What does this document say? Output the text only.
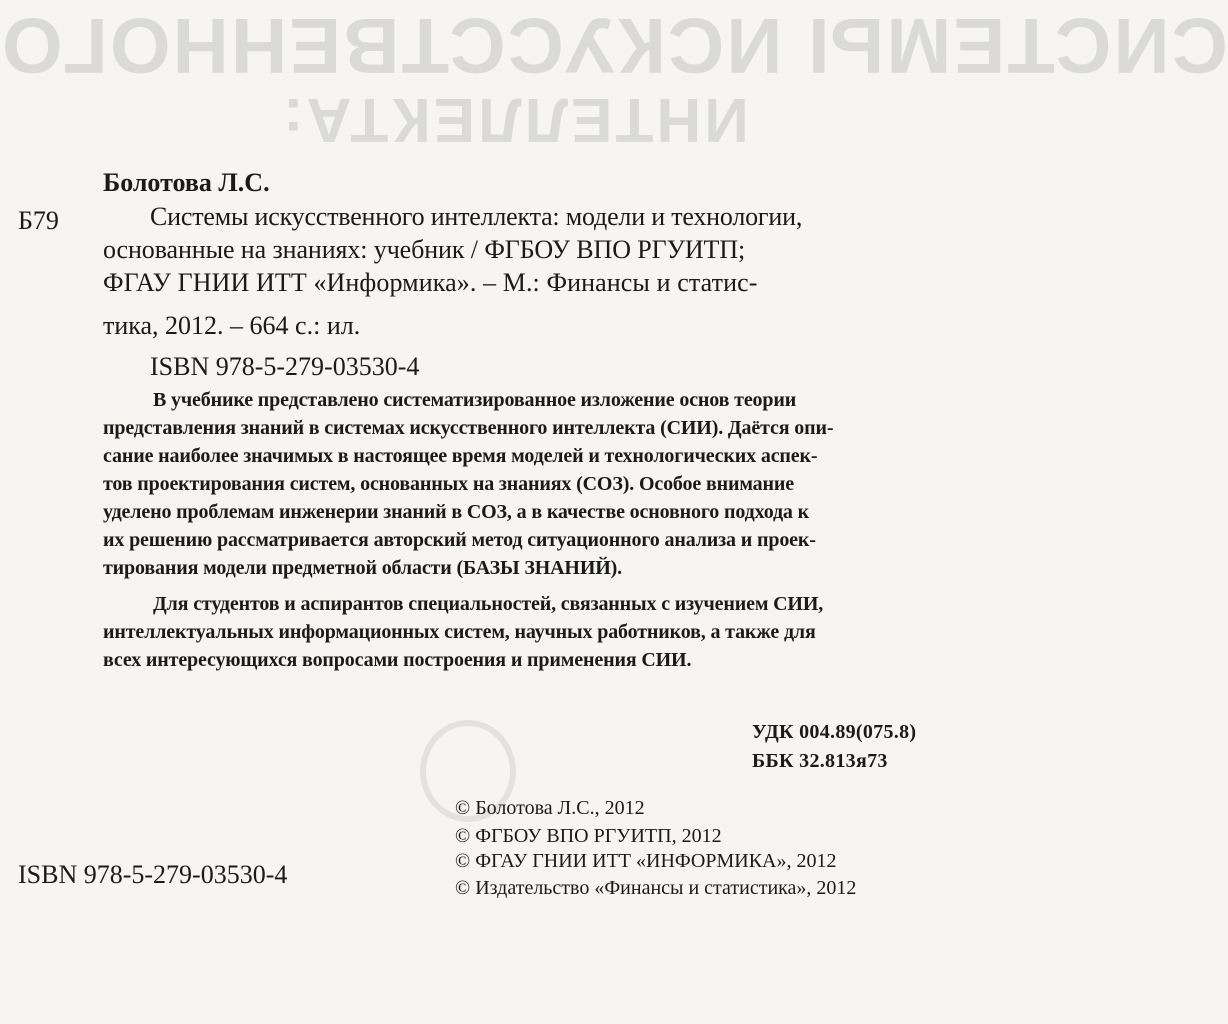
СИСТЕМЫ ИСКУССТВЕННОГО
ИНТЕЛЛЕКТА:

Болотова Л.С.

Б79	Системы искусственного интеллекта: модели и технологии,

основанные на знаниях: учебник / ФГБОУ ВПО РГУИТП;

ФГАУ ГНИИ ИТТ «Информика». – М.: Финансы и статис-

тика, 2012. – 664 с.: ил.

ISBN 978-5-279-03530-4

В учебнике представлено систематизированное изложение основ теории

представления знаний в системах искусственного интеллекта (СИИ). Даётся опи-

сание наиболее значимых в настоящее время моделей и технологических аспек-

тов проектирования систем, основанных на знаниях (СОЗ). Особое внимание

уделено проблемам инженерии знаний в СОЗ, а в качестве основного подхода к

их решению рассматривается авторский метод ситуационного анализа и проек-

тирования модели предметной области (БАЗЫ ЗНАНИЙ).

Для студентов и аспирантов специальностей, связанных с изучением СИИ,

интеллектуальных информационных систем, научных работников, а также для

всех интересующихся вопросами построения и применения СИИ.

УДК 004.89(075.8)

ББК 32.813я73

© Болотова Л.С., 2012

© ФГБОУ ВПО РГУИТП, 2012

© ФГАУ ГНИИ ИТТ «ИНФОРМИКА», 2012

© Издательство «Финансы и статистика», 2012

ISBN 978-5-279-03530-4
